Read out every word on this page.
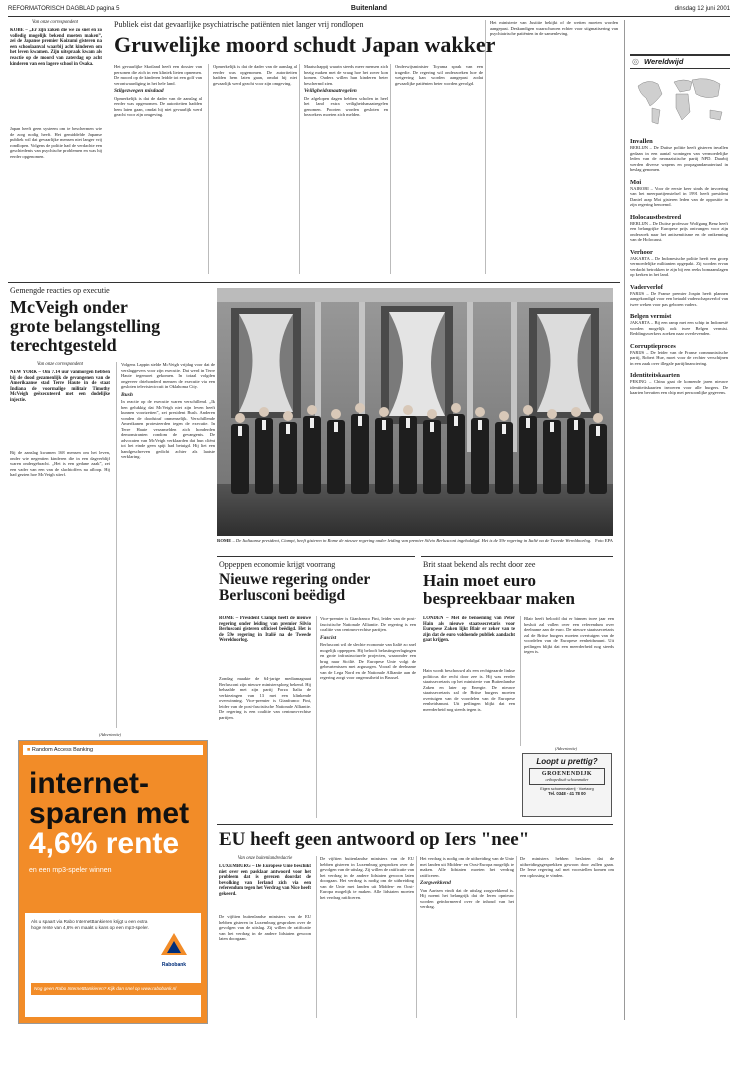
REFORMATORISCH DAGBLAD pagina 5	Buitenland	dinsdag 12 juni 2001
Van onze correspondent
KOBE – „Er zijn zaken die we zo snel en zo volledig mogelijk bekend moeten maken”, zei de Japanse premier Koizumi gisteren na een schoolaanval waarbij acht kinderen om het leven kwamen. Zijn uitspraak kwam als reactie op de moord van zaterdag op acht kinderen van een lagere school in Osaka.
Japan heeft geen systeem om te beschermen wie de zorg nodig heeft. Het gemiddelde Japanse publiek wil dat gevaarlijke mensen niet langer vrij rondlopen. Volgens de politie had de verdachte een geschiedenis van psychische problemen en was hij eerder opgenomen.
Publiek eist dat gevaarlijke psychiatrische patiënten niet langer vrij rondlopen
Gruwelijke moord schudt Japan wakker
Het gevaarlijke Skotland heeft een dossier van personen die zich in een kliniek lieten opnemen. De moord op de kinderen leidde tot een golf van verontwaardiging in het hele land.
Stilgezwegen misdaad
Opmerkelijk is dat de dader van de aanslag al eerder was opgenomen. De autoriteiten hadden hem laten gaan, omdat hij niet gevaarlijk werd geacht voor zijn omgeving.
Opmerkelijk is dat de dader van de aanslag al eerder was opgenomen. De autoriteiten hadden hem laten gaan, omdat hij niet gevaarlijk werd geacht voor zijn omgeving.
Maatschappij waarin steeds meer mensen zich bezig maken met de vraag hoe het zover kon komen. Ouders willen hun kinderen beter beschermd zien.
Veiligheidsmaatregelen
De afgelopen dagen hebben scholen in heel het land extra veiligheidsmaatregelen genomen. Poorten worden gesloten en bezoekers moeten zich melden.
Onderwijsminister Toyama sprak van een tragedie. De regering wil onderzoeken hoe de wetgeving kan worden aangepast zodat gevaarlijke patiënten beter worden gevolgd.
Het ministerie van Justitie bekijkt of de wetten moeten worden aangepast. Deskundigen waarschuwen echter voor stigmatisering van psychiatrische patiënten in de samenleving.
Gemengde reacties op executie
McVeigh onder
grote belangstelling
terechtgesteld
Van onze correspondent
NEW YORK – Om 7.14 uur vanmorgen hebben bij de dood gezamenlijk de gevangenen van de Amerikaanse stad Terre Haute in de staat Indiana de voormalige militair Timothy McVeigh geëxecuteerd met een dodelijke injectie.
Bij de aanslag kwamen 168 mensen om het leven, onder wie negentien kinderen die in een dagverblijf waren ondergebracht. „Het is een gedane zaak”, zei een vader van een van de slachtoffers na afloop. Hij had gezien hoe McVeigh stierf.
Volgens Lappin stelde McVeigh vrijdag voor dat de verslaggevers voor zijn executie. Dat werd in Terre Haute tegemoet gekomen. In totaal volgden ongeveer driehonderd mensen de executie via een gesloten televisiecircuit in Oklahoma City.
Bush
In reactie op de executie waren verschillend. „Ik ben gelukkig dat McVeigh niet zijn leven heeft kunnen voortzetten”, zei president Bush. Anderen vonden de doodstraf onmenselijk. Verschillende Amerikanen protesteerden tegen de executie. In Terre Haute verzamelden zich honderden demonstranten rondom de gevangenis. De advocaten van McVeigh verklaarden dat hun cliënt tot het einde geen spijt had betuigd. Hij liet een handgeschreven gedicht achter als laatste verklaring.
ROME – De Italiaanse president, Ciampi, heeft gisteren in Rome de nieuwe regering onder leiding van premier Silvio Berlusconi ingehuldigd. Het is de 59e regering in Italië na de Tweede Wereldoorlog. Foto EPA
Oppeppen economie krijgt voorrang
Nieuwe regering onder
Berlusconi beëdigd
ROME – President Ciampi heeft de nieuwe regering onder leiding van premier Silvio Berlusconi gisteren officieel beëdigd. Het is de 59e regering in Italië na de Tweede Wereldoorlog.
Zondag maakte de 64-jarige mediamagnaat Berlusconi zijn nieuwe ministersploeg bekend. Hij behaalde met zijn partij Forza Italia de verkiezingen van 13 mei een klinkende overwinning. Vice-premier is Gianfranco Fini, leider van de post-fascistische Nationale Alliantie. De regering is een coalitie van centrum-rechtse partijen.
Vice-premier is Gianfranco Fini, leider van de post-fascistische Nationale Alliantie. De regering is een coalitie van centrum-rechtse partijen.
Fascist
Berlusconi wil de slechte economie van Italië zo snel mogelijk oppeppen. Hij belooft belastingverlagingen en grote infrastructurele projecten, waaronder een brug naar Sicilië. De Europese Unie volgt de gebeurtenissen met argusogen. Vooral de deelname van de Lega Nord en de Nationale Alliantie aan de regering zorgt voor ongerustheid in Brussel.
Brit staat bekend als recht door zee
Hain moet euro
bespreekbaar maken
LONDEN – Met de benoeming van Peter Hain als nieuwe staatssecretaris voor Europese Zaken lijkt Blair er zeker van te zijn dat de euro voldoende publiek aandacht gaat krijgen.
Hain wordt beschouwd als een rechtgeaarde linkse politicus die recht door zee is. Hij was eerder staatssecretaris op het ministerie van Buitenlandse Zaken en later op Energie. De nieuwe staatssecretaris zal de Britse burgers moeten overtuigen van de voordelen van de Europese eenheidsmunt. Uit peilingen blijkt dat een meerderheid nog steeds tegen is.
Blair heeft beloofd dat er binnen twee jaar een besluit zal vallen over een referendum over deelname aan de euro. De nieuwe staatssecretaris zal de Britse burgers moeten overtuigen van de voordelen van de Europese eenheidsmunt. Uit peilingen blijkt dat een meerderheid nog steeds tegen is.
(Advertentie)
Loopt u prettig?
GROENENDIJK
orthopedisch schoenmaker
Eigen schoenmakerij · Voetzorg
Tel. 0348 - 41 78 00
(Advertentie)
■ Random Access Banking
internet-
sparen met
4,6% rente
en een mp3-speler winnen
Als u spaart via Rabo InternetBankieren krijgt u een extra hoge rente van 4,6% en maakt u kans op een mp3-speler.
Rabobank
Nog geen Rabo InternetBankieren? Kijk dan snel op www.rabobank.nl
EU heeft geen antwoord op Iers "nee"
Van onze buitenlandredactie
LUXEMBURG – De Europese Unie beschikt niet over een pasklaar antwoord voor het probleem dat is gerezen doordat de bevolking van Ierland zich via een referendum tegen het Verdrag van Nice heeft gekeerd.
De vijftien buitenlandse ministers van de EU hebben gisteren in Luxemburg gesproken over de gevolgen van de uitslag. Zij willen de ratificatie van het verdrag in de andere lidstaten gewoon laten doorgaan.
De vijftien buitenlandse ministers van de EU hebben gisteren in Luxemburg gesproken over de gevolgen van de uitslag. Zij willen de ratificatie van het verdrag in de andere lidstaten gewoon laten doorgaan. Het verdrag is nodig om de uitbreiding van de Unie met landen uit Midden- en Oost-Europa mogelijk te maken. Alle lidstaten moeten het verdrag ratificeren.
Het verdrag is nodig om de uitbreiding van de Unie met landen uit Midden- en Oost-Europa mogelijk te maken. Alle lidstaten moeten het verdrag ratificeren.
Zorgwekkend
Van Aartsen vindt dat de uitslag zorgwekkend is. Hij noemt het belangrijk dat de Ieren opnieuw worden geïnformeerd over de inhoud van het verdrag.
De ministers hebben besloten dat de uitbreidingsgesprekken gewoon door zullen gaan. De Ierse regering zal met voorstellen komen om een oplossing te vinden.
◎ Wereldwijd
Invallen
BERLIJN – De Duitse politie heeft gisteren invallen gedaan in een aantal woningen van vermoedelijke leden van de neonazistische partij NPD. Daarbij werden diverse wapens en propagandamateriaal in beslag genomen.
Moi
NAIROBI – Voor de eerste keer sinds de invoering van het meerpartijenstelsel in 1991 heeft president Daniel arap Moi gisteren leden van de oppositie in zijn regering benoemd.
Holocaustbestreed
BERLIJN – De Duitse professor Wolfgang Benz heeft een belangrijke Europese prijs ontvangen voor zijn onderzoek naar het antisemitisme en de ontkenning van de Holocaust.
Verhoor
JAKARTA – De Indonesische politie heeft een groep vermoedelijke militanten opgepakt. Zij worden ervan verdacht betrokken te zijn bij een reeks bomaanslagen op kerken in het land.
Vaderverlof
PARIJS – De Franse premier Jospin heeft plannen aangekondigd voor een betaald vaderschapsverlof van twee weken voor pas geboren vaders.
Belgen vermist
JAKARTA – Bij een ramp met een schip in Indonesië worden mogelijk ook twee Belgen vermist. Reddingswerkers zoeken naar overlevenden.
Corruptieproces
PARIJS – De leider van de Franse communistische partij, Robert Hue, moet voor de rechter verschijnen in een zaak over illegale partijfinanciering.
Identiteitskaarten
PEKING – China gaat de komende jaren nieuwe identiteitskaarten invoeren voor alle burgers. De kaarten bevatten een chip met persoonlijke gegevens.
